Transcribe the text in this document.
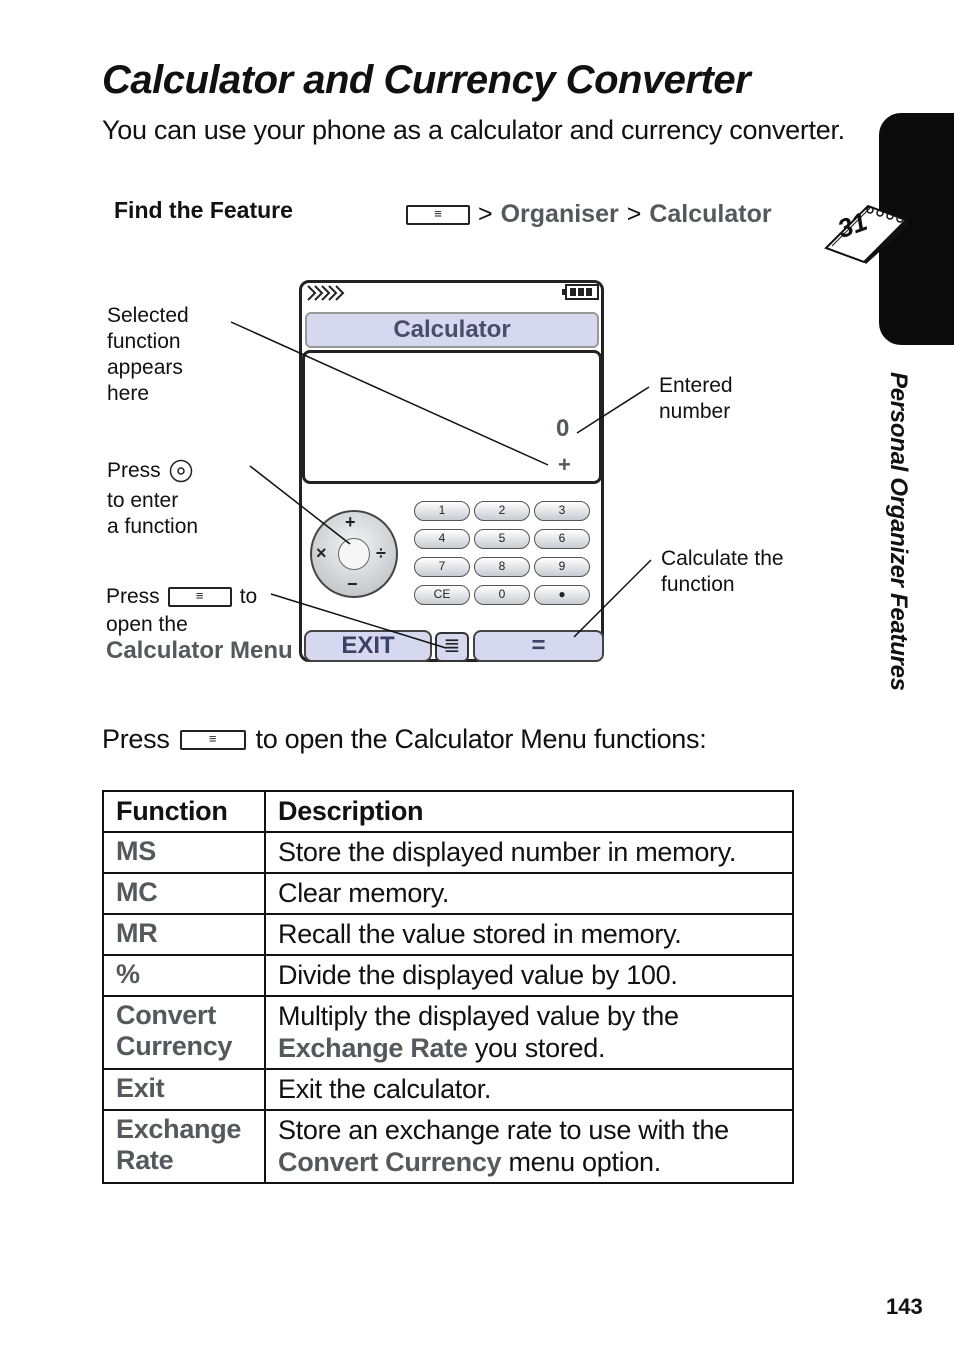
Calculator and Currency Converter
You can use your phone as a calculator and currency converter.
Find the Feature ≡	> Organiser > Calculator
Selected
function
appears
here
Press
to enter
a function
Press ≡	to
open the
Calculator Menu
Entered
number
Calculate the
function
Calculator
0
+
+
−
×	÷
1	2	3
4	5	6
7	8	9
CE	0	●
EXIT	≣	=
Press ≡	to open the Calculator Menu functions:
Function	Description
MS	Store the displayed number in memory.
MC	Clear memory.
MR	Recall the value stored in memory.
%	Divide the displayed value by 100.
Convert Currency	Multiply the displayed value by the
Exchange Rate you stored.
Exit	Exit the calculator.
Exchange Rate	Store an exchange rate to use with the
Convert Currency menu option.
31
Personal Organizer Features
143
